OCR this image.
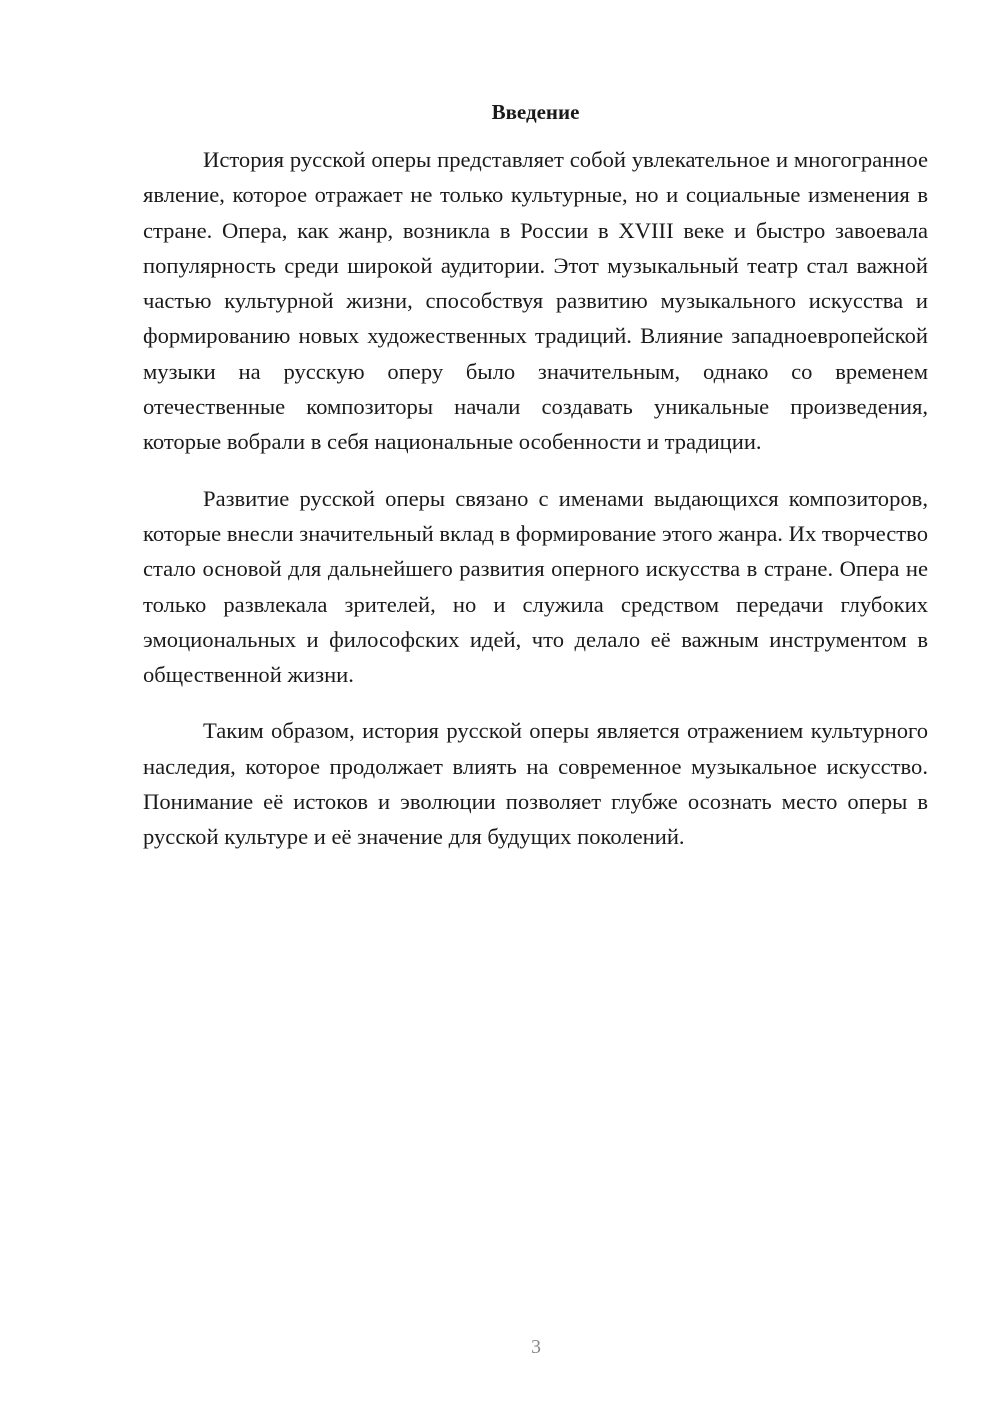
Введение

История русской оперы представляет собой увлекательное и многогранное явление, которое отражает не только культурные, но и социальные изменения в стране. Опера, как жанр, возникла в России в XVIII веке и быстро завоевала популярность среди широкой аудитории. Этот музыкальный театр стал важной частью культурной жизни, способствуя развитию музыкального искусства и формированию новых художественных традиций. Влияние западноевропейской музыки на русскую оперу было значительным, однако со временем отечественные композиторы начали создавать уникальные произведения, которые вобрали в себя национальные особенности и традиции.

Развитие русской оперы связано с именами выдающихся композиторов, которые внесли значительный вклад в формирование этого жанра. Их творчество стало основой для дальнейшего развития оперного искусства в стране. Опера не только развлекала зрителей, но и служила средством передачи глубоких эмоциональных и философских идей, что делало её важным инструментом в общественной жизни.

Таким образом, история русской оперы является отражением культурного наследия, которое продолжает влиять на современное музыкальное искусство. Понимание её истоков и эволюции позволяет глубже осознать место оперы в русской культуре и её значение для будущих поколений.

3
